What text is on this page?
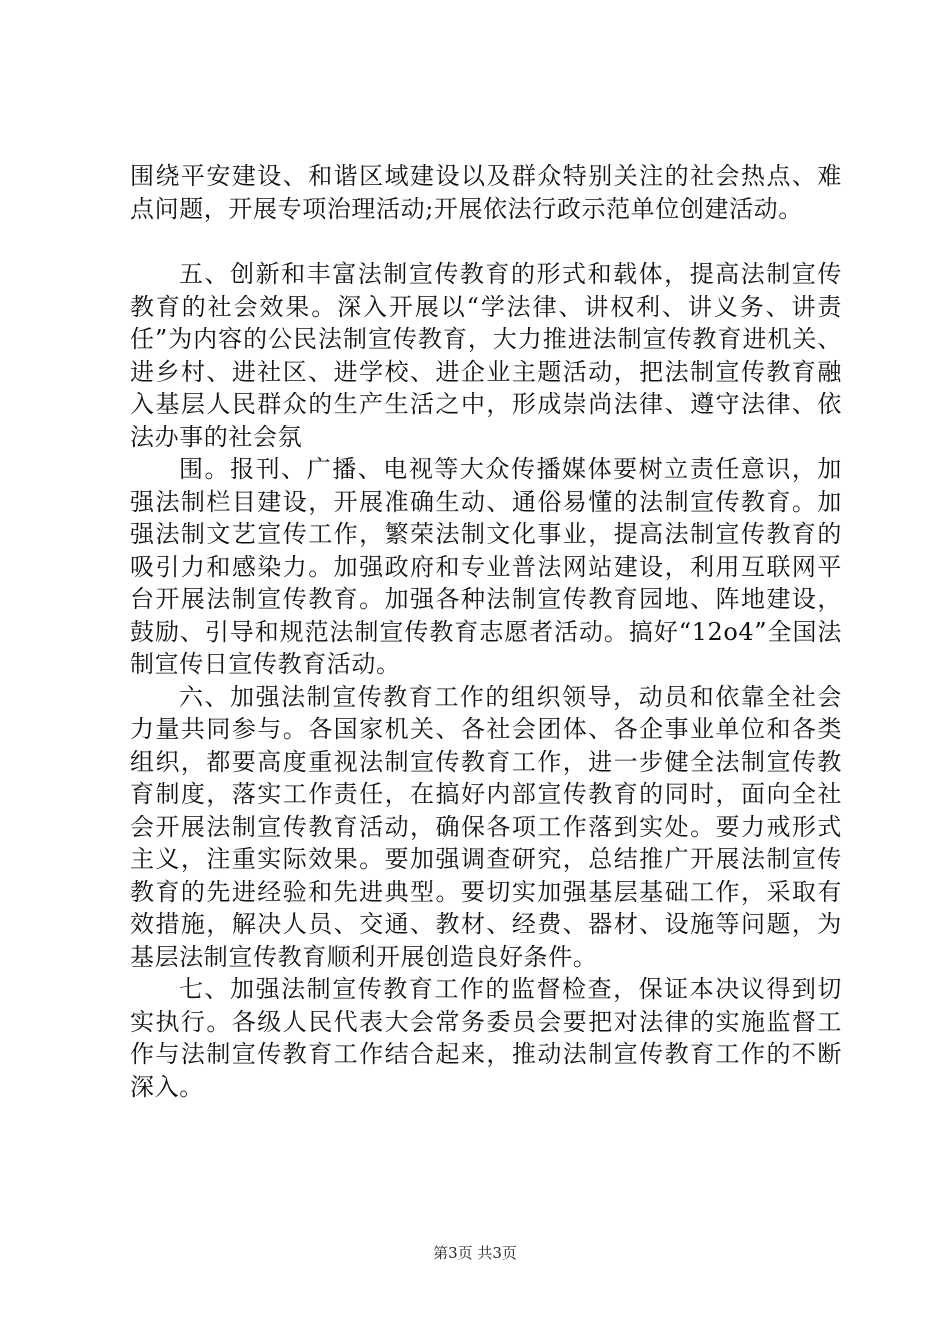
围绕平安建设、和谐区域建设以及群众特别关注的社会热点、难点问题，开展专项治理活动;开展依法行政示范单位创建活动。

五、创新和丰富法制宣传教育的形式和载体，提高法制宣传教育的社会效果。深入开展以“学法律、讲权利、讲义务、讲责任”为内容的公民法制宣传教育，大力推进法制宣传教育进机关、进乡村、进社区、进学校、进企业主题活动，把法制宣传教育融入基层人民群众的生产生活之中，形成崇尚法律、遵守法律、依法办事的社会氛

围。报刊、广播、电视等大众传播媒体要树立责任意识，加强法制栏目建设，开展准确生动、通俗易懂的法制宣传教育。加强法制文艺宣传工作，繁荣法制文化事业，提高法制宣传教育的吸引力和感染力。加强政府和专业普法网站建设，利用互联网平台开展法制宣传教育。加强各种法制宣传教育园地、阵地建设，鼓励、引导和规范法制宣传教育志愿者活动。搞好“12o4”全国法制宣传日宣传教育活动。

六、加强法制宣传教育工作的组织领导，动员和依靠全社会力量共同参与。各国家机关、各社会团体、各企事业单位和各类组织，都要高度重视法制宣传教育工作，进一步健全法制宣传教育制度，落实工作责任，在搞好内部宣传教育的同时，面向全社会开展法制宣传教育活动，确保各项工作落到实处。要力戒形式主义，注重实际效果。要加强调查研究，总结推广开展法制宣传教育的先进经验和先进典型。要切实加强基层基础工作，采取有效措施，解决人员、交通、教材、经费、器材、设施等问题，为基层法制宣传教育顺利开展创造良好条件。

七、加强法制宣传教育工作的监督检查，保证本决议得到切实执行。各级人民代表大会常务委员会要把对法律的实施监督工作与法制宣传教育工作结合起来，推动法制宣传教育工作的不断深入。

第3页 共3页
